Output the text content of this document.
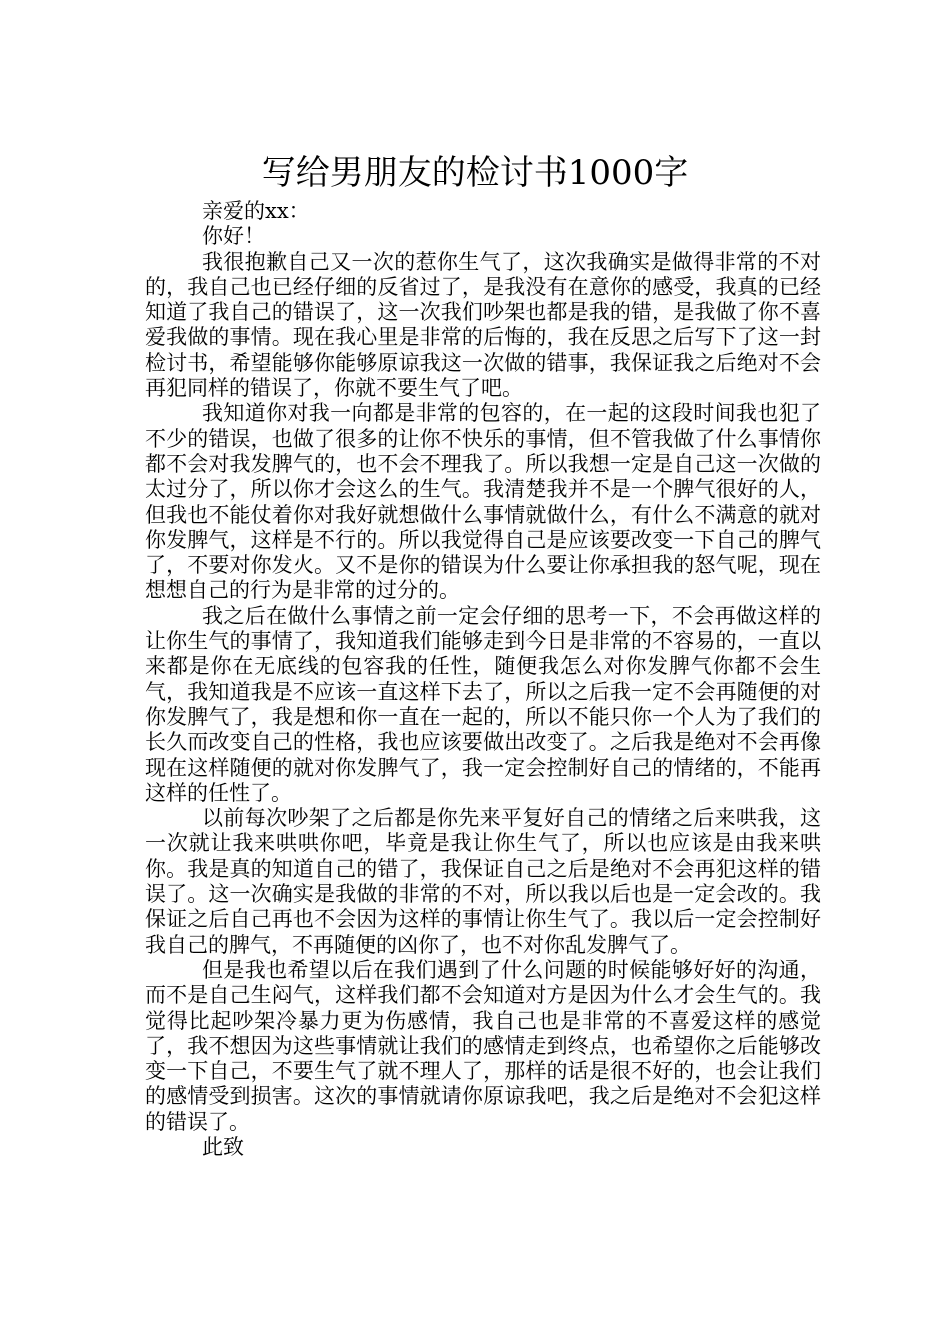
写给男朋友的检讨书1000字

亲爱的xx：

你好！

我很抱歉自己又一次的惹你生气了，这次我确实是做得非常的不对的，我自己也已经仔细的反省过了，是我没有在意你的感受，我真的已经知道了我自己的错误了，这一次我们吵架也都是我的错，是我做了你不喜爱我做的事情。现在我心里是非常的后悔的，我在反思之后写下了这一封检讨书，希望能够你能够原谅我这一次做的错事，我保证我之后绝对不会再犯同样的错误了，你就不要生气了吧。

我知道你对我一向都是非常的包容的，在一起的这段时间我也犯了不少的错误，也做了很多的让你不快乐的事情，但不管我做了什么事情你都不会对我发脾气的，也不会不理我了。所以我想一定是自己这一次做的太过分了，所以你才会这么的生气。我清楚我并不是一个脾气很好的人，但我也不能仗着你对我好就想做什么事情就做什么，有什么不满意的就对你发脾气，这样是不行的。所以我觉得自己是应该要改变一下自己的脾气了，不要对你发火。又不是你的错误为什么要让你承担我的怒气呢，现在想想自己的行为是非常的过分的。

我之后在做什么事情之前一定会仔细的思考一下，不会再做这样的让你生气的事情了，我知道我们能够走到今日是非常的不容易的，一直以来都是你在无底线的包容我的任性，随便我怎么对你发脾气你都不会生气，我知道我是不应该一直这样下去了，所以之后我一定不会再随便的对你发脾气了，我是想和你一直在一起的，所以不能只你一个人为了我们的长久而改变自己的性格，我也应该要做出改变了。之后我是绝对不会再像现在这样随便的就对你发脾气了，我一定会控制好自己的情绪的，不能再这样的任性了。

以前每次吵架了之后都是你先来平复好自己的情绪之后来哄我，这一次就让我来哄哄你吧，毕竟是我让你生气了，所以也应该是由我来哄你。我是真的知道自己的错了，我保证自己之后是绝对不会再犯这样的错误了。这一次确实是我做的非常的不对，所以我以后也是一定会改的。我保证之后自己再也不会因为这样的事情让你生气了。我以后一定会控制好我自己的脾气，不再随便的凶你了，也不对你乱发脾气了。

但是我也希望以后在我们遇到了什么问题的时候能够好好的沟通，而不是自己生闷气，这样我们都不会知道对方是因为什么才会生气的。我觉得比起吵架冷暴力更为伤感情，我自己也是非常的不喜爱这样的感觉了，我不想因为这些事情就让我们的感情走到终点，也希望你之后能够改变一下自己，不要生气了就不理人了，那样的话是很不好的，也会让我们的感情受到损害。这次的事情就请你原谅我吧，我之后是绝对不会犯这样的错误了。

此致
